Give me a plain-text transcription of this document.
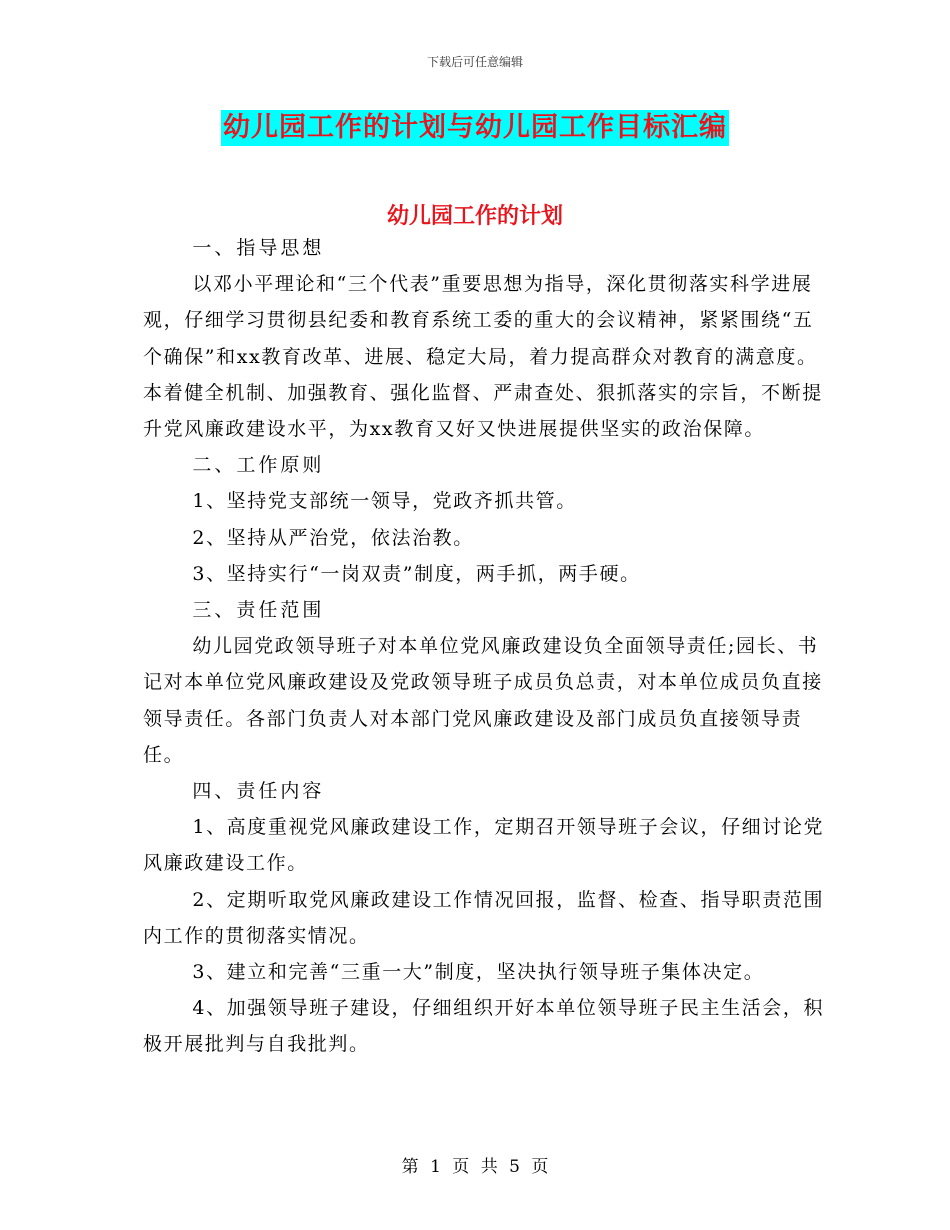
下载后可任意编辑
幼儿园工作的计划与幼儿园工作目标汇编
幼儿园工作的计划

一、指导思想

以邓小平理论和“三个代表”重要思想为指导，深化贯彻落实科学进展观，仔细学习贯彻县纪委和教育系统工委的重大的会议精神，紧紧围绕“五个确保”和xx教育改革、进展、稳定大局，着力提高群众对教育的满意度。本着健全机制、加强教育、强化监督、严肃查处、狠抓落实的宗旨，不断提升党风廉政建设水平，为xx教育又好又快进展提供坚实的政治保障。

二、工作原则

1、坚持党支部统一领导，党政齐抓共管。

2、坚持从严治党，依法治教。

3、坚持实行“一岗双责”制度，两手抓，两手硬。

三、责任范围

幼儿园党政领导班子对本单位党风廉政建设负全面领导责任;园长、书记对本单位党风廉政建设及党政领导班子成员负总责，对本单位成员负直接领导责任。各部门负责人对本部门党风廉政建设及部门成员负直接领导责任。

四、责任内容

1、高度重视党风廉政建设工作，定期召开领导班子会议，仔细讨论党风廉政建设工作。

2、定期听取党风廉政建设工作情况回报，监督、检查、指导职责范围内工作的贯彻落实情况。

3、建立和完善“三重一大”制度，坚决执行领导班子集体决定。

4、加强领导班子建设，仔细组织开好本单位领导班子民主生活会，积极开展批判与自我批判。

第 1 页 共 5 页
